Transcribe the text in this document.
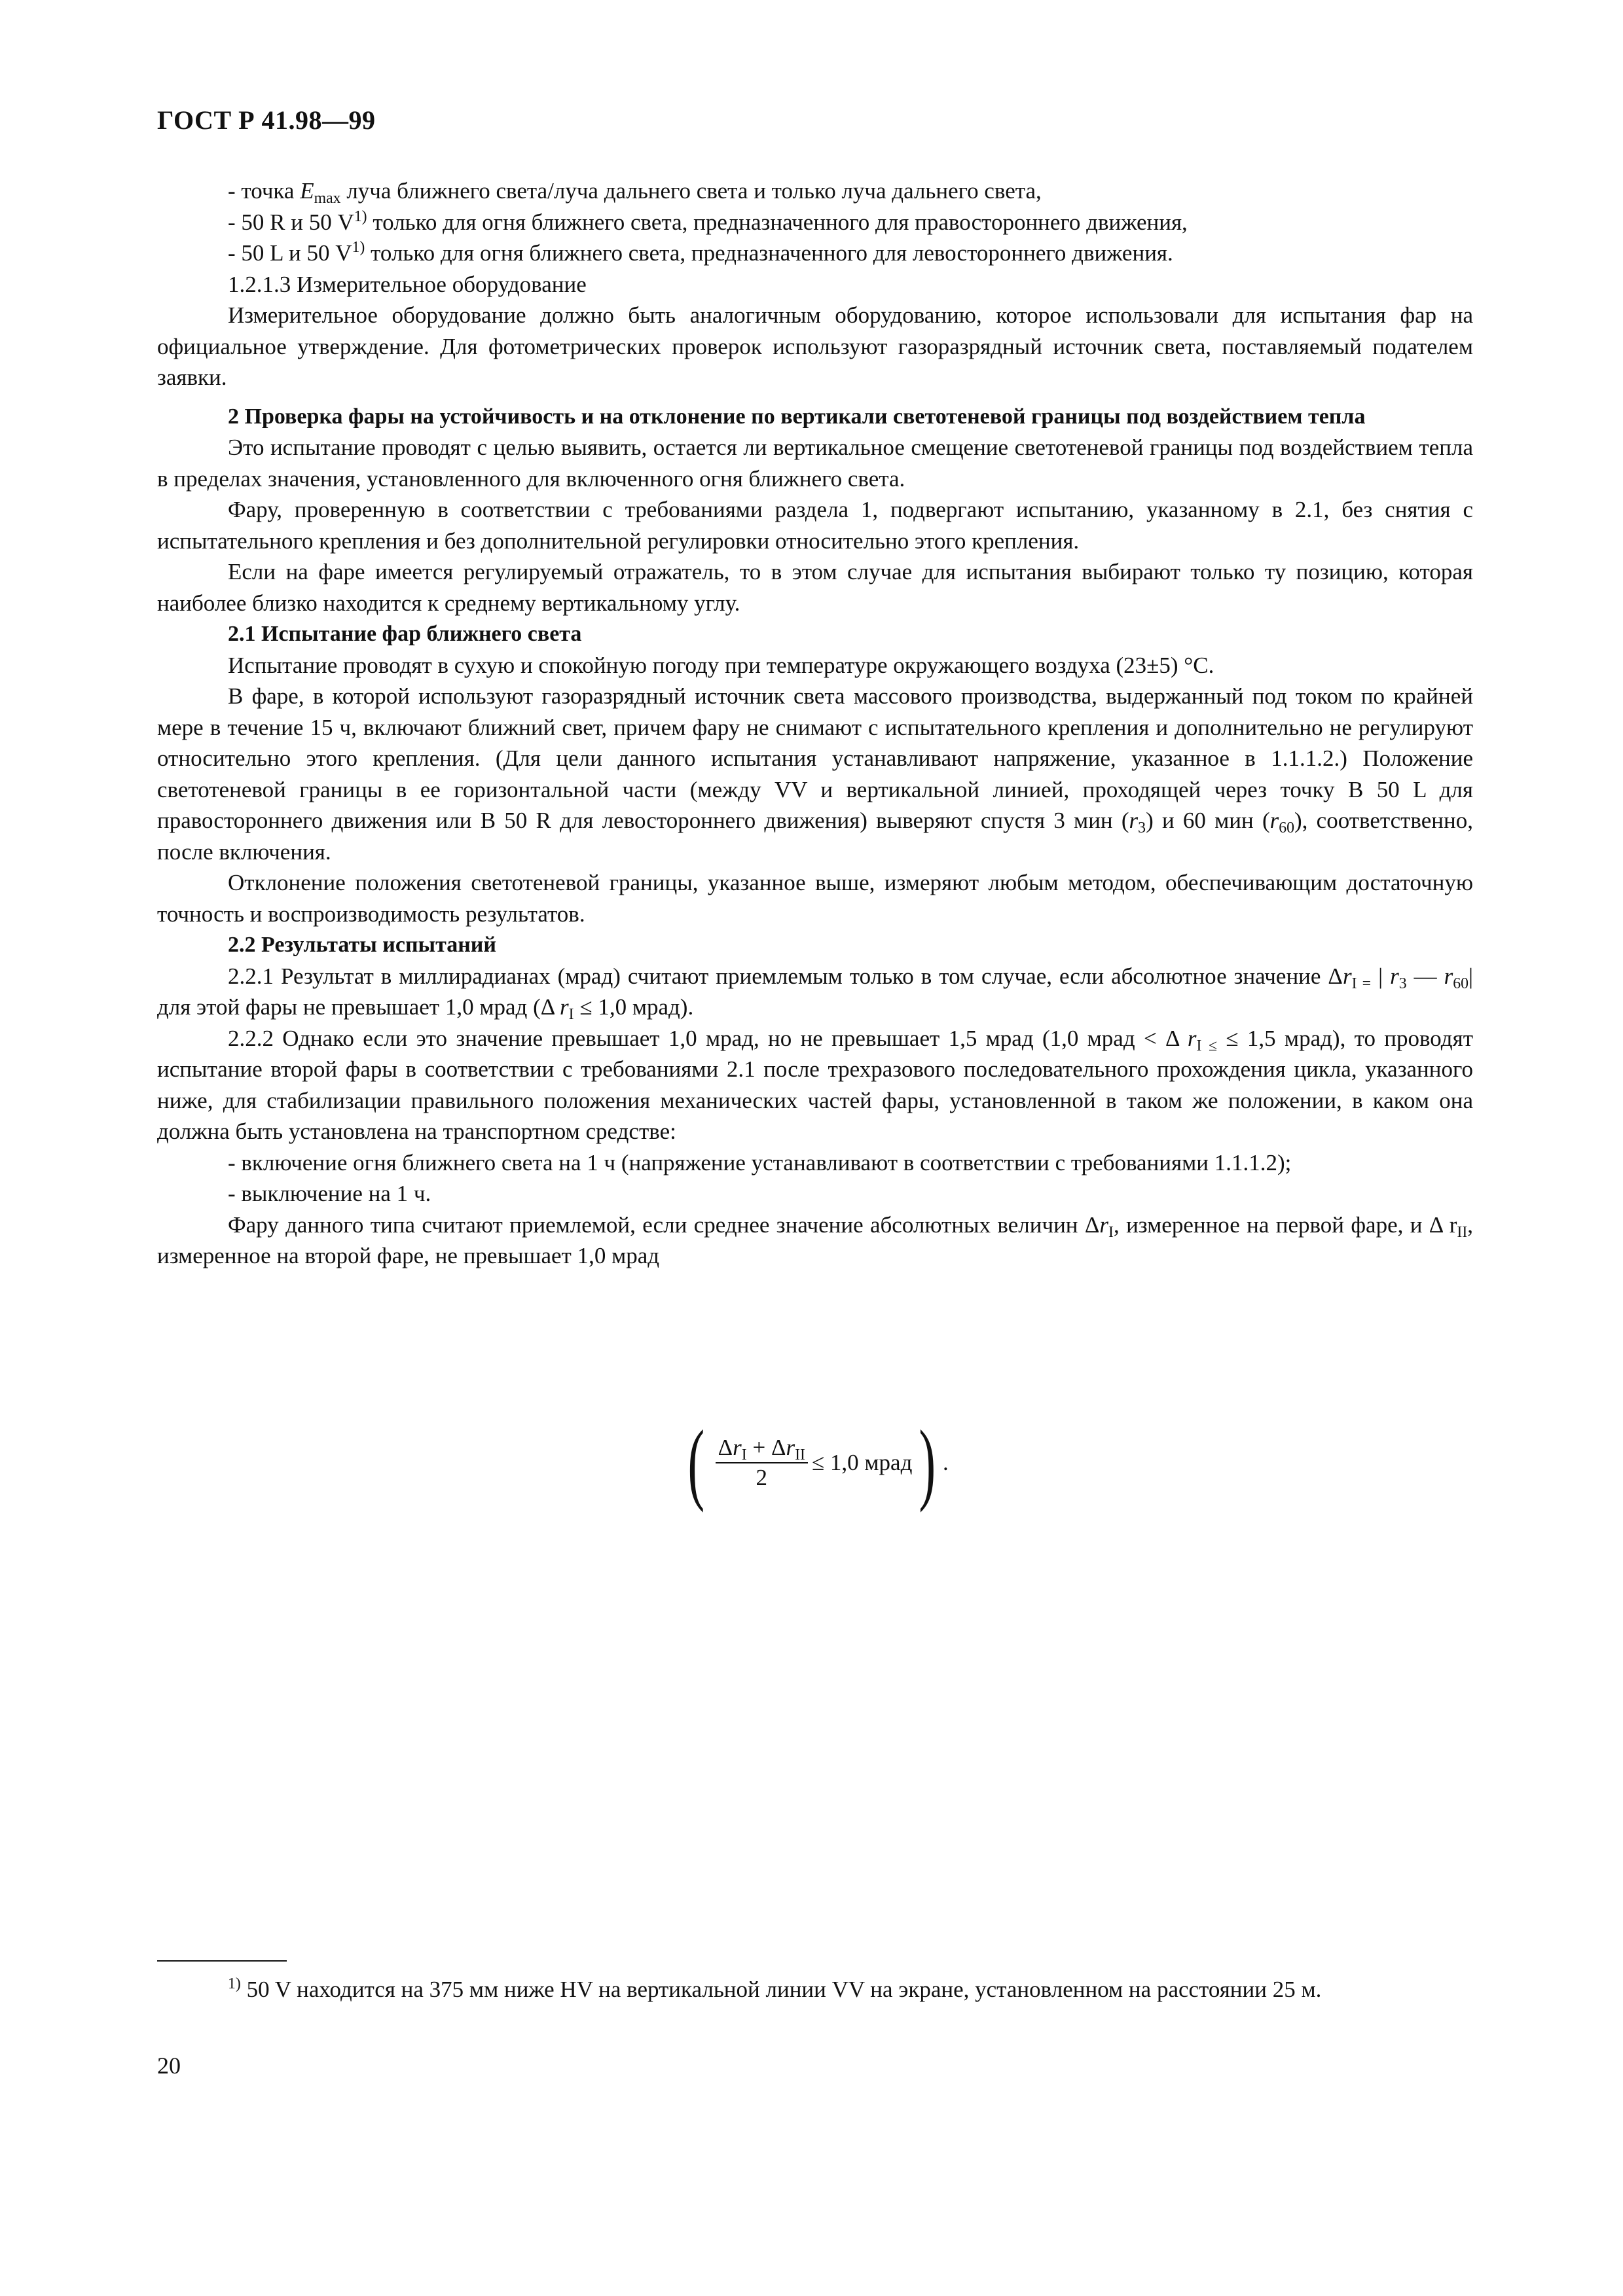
ГОСТ Р 41.98—99

- точка $E_{max}$ луча ближнего света/луча дальнего света и только луча дальнего света,

- 50 R и 50 $V^{1)}$ только для огня ближнего света, предназначенного для правостороннего движения,

- 50 L и 50 $V^{1)}$ только для огня ближнего света, предназначенного для левостороннего движения.

1.2.1.3 Измерительное оборудование

Измерительное оборудование должно быть аналогичным оборудованию, которое использовали для испытания фар на официальное утверждение. Для фотометрических проверок используют газоразрядный источник света, поставляемый подателем заявки.

2 Проверка фары на устойчивость и на отклонение по вертикали светотеневой границы под воздействием тепла

Это испытание проводят с целью выявить, остается ли вертикальное смещение светотеневой границы под воздействием тепла в пределах значения, установленного для включенного огня ближнего света.

Фару, проверенную в соответствии с требованиями раздела 1, подвергают испытанию, указанному в 2.1, без снятия с испытательного крепления и без дополнительной регулировки относительно этого крепления.

Если на фаре имеется регулируемый отражатель, то в этом случае для испытания выбирают только ту позицию, которая наиболее близко находится к среднему вертикальному углу.

2.1 Испытание фар ближнего света

Испытание проводят в сухую и спокойную погоду при температуре окружающего воздуха (23±5) °C.

В фаре, в которой используют газоразрядный источник света массового производства, выдержанный под током по крайней мере в течение 15 ч, включают ближний свет, причем фару не снимают с испытательного крепления и дополнительно не регулируют относительно этого крепления. (Для цели данного испытания устанавливают напряжение, указанное в 1.1.1.2.) Положение светотеневой границы в ее горизонтальной части (между VV и вертикальной линией, проходящей через точку B 50 L для правостороннего движения или B 50 R для левостороннего движения) выверяют спустя 3 мин $(r_3)$ и 60 мин $(r_{60})$, соответственно, после включения.

Отклонение положения светотеневой границы, указанное выше, измеряют любым методом, обеспечивающим достаточную точность и воспроизводимость результатов.

2.2 Результаты испытаний

2.2.1 Результат в миллирадианах (мрад) считают приемлемым только в том случае, если абсолютное значение $\Delta r_{I =}$ | $r_3$ — $r_{60}|$ для этой фары не превышает 1,0 мрад (Δ $r_I \le 1,0$ мрад).

2.2.2 Однако если это значение превышает 1,0 мрад, но не превышает 1,5 мрад (1,0 мрад < Δ $r_{I \le} \le 1,5$ мрад), то проводят испытание второй фары в соответствии с требованиями 2.1 после трехразового последовательного прохождения цикла, указанного ниже, для стабилизации правильного положения механических частей фары, установленной в таком же положении, в каком она должна быть установлена на транспортном средстве:

- включение огня ближнего света на 1 ч (напряжение устанавливают в соответствии с требованиями 1.1.1.2);

- выключение на 1 ч.

Фару данного типа считают приемлемой, если среднее значение абсолютных величин $\Delta r_I$, измеренное на первой фаре, и Δ $r_{II}$, измеренное на второй фаре, не превышает 1,0 мрад

( $\frac{\Delta r_I + \Delta r_{II}}{2} \le 1,0$ мрад ) .

$^{1)}$ 50 V находится на 375 мм ниже HV на вертикальной линии VV на экране, установленном на расстоянии 25 м.

20
